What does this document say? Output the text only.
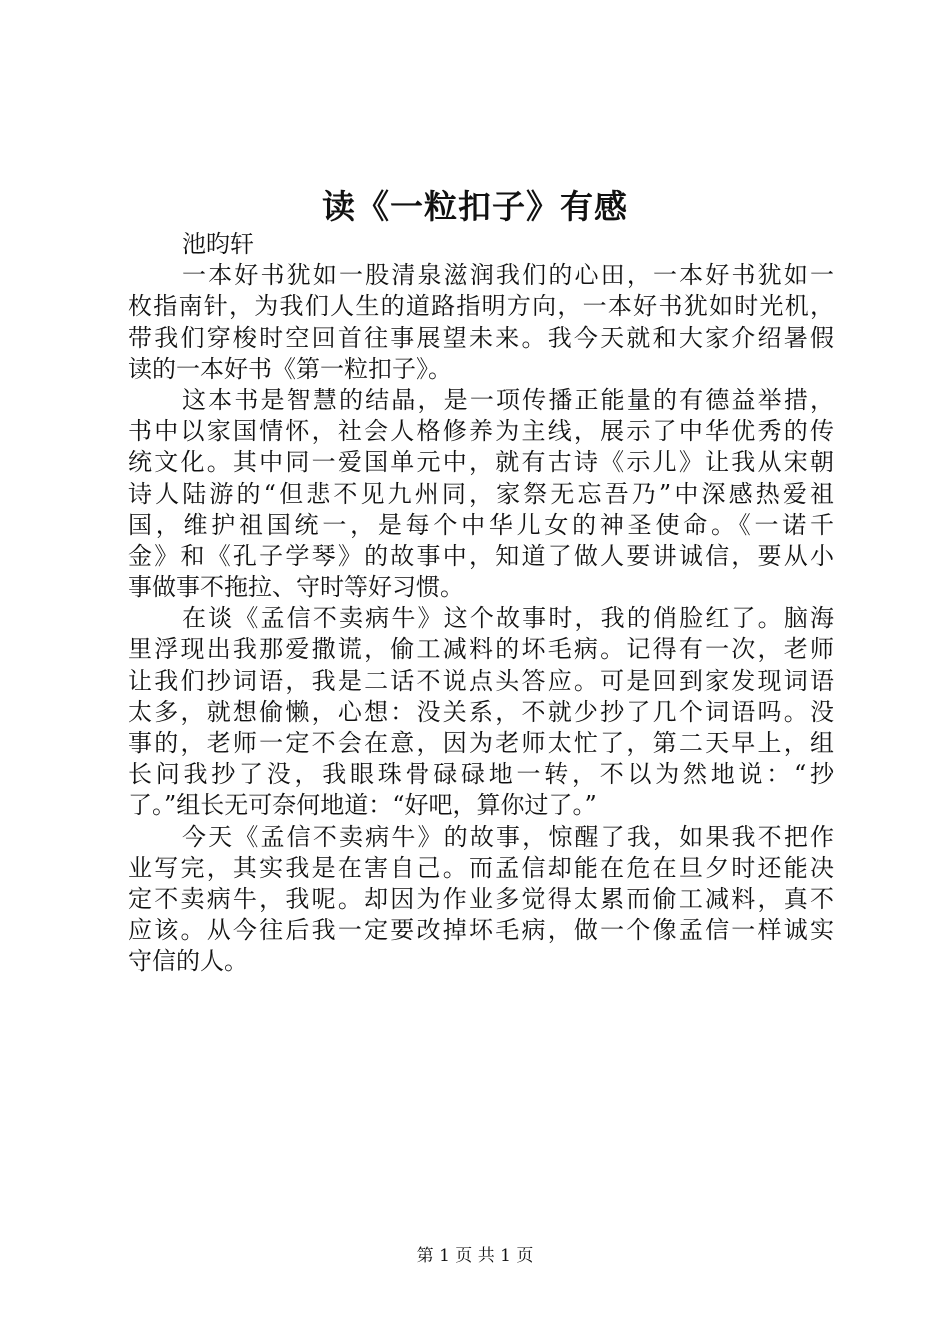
读《一粒扣子》有感
池昀轩
一本好书犹如一股清泉滋润我们的心田，一本好书犹如一
枚指南针，为我们人生的道路指明方向，一本好书犹如时光机，
带我们穿梭时空回首往事展望未来。我今天就和大家介绍暑假
读的一本好书《第一粒扣子》。
这本书是智慧的结晶，是一项传播正能量的有德益举措，
书中以家国情怀，社会人格修养为主线，展示了中华优秀的传
统文化。其中同一爱国单元中，就有古诗《示儿》让我从宋朝
诗人陆游的“但悲不见九州同，家祭无忘吾乃”中深感热爱祖
国，维护祖国统一，是每个中华儿女的神圣使命。《一诺千
金》和《孔子学琴》的故事中，知道了做人要讲诚信，要从小
事做事不拖拉、守时等好习惯。
在谈《孟信不卖病牛》这个故事时，我的俏脸红了。脑海
里浮现出我那爱撒谎，偷工减料的坏毛病。记得有一次，老师
让我们抄词语，我是二话不说点头答应。可是回到家发现词语
太多，就想偷懒，心想：没关系，不就少抄了几个词语吗。没
事的，老师一定不会在意，因为老师太忙了，第二天早上，组
长问我抄了没，我眼珠骨碌碌地一转，不以为然地说：“抄
了。”组长无可奈何地道：“好吧，算你过了。”
今天《孟信不卖病牛》的故事，惊醒了我，如果我不把作
业写完，其实我是在害自己。而孟信却能在危在旦夕时还能决
定不卖病牛，我呢。却因为作业多觉得太累而偷工减料，真不
应该。从今往后我一定要改掉坏毛病，做一个像孟信一样诚实
守信的人。
第 1 页 共 1 页
